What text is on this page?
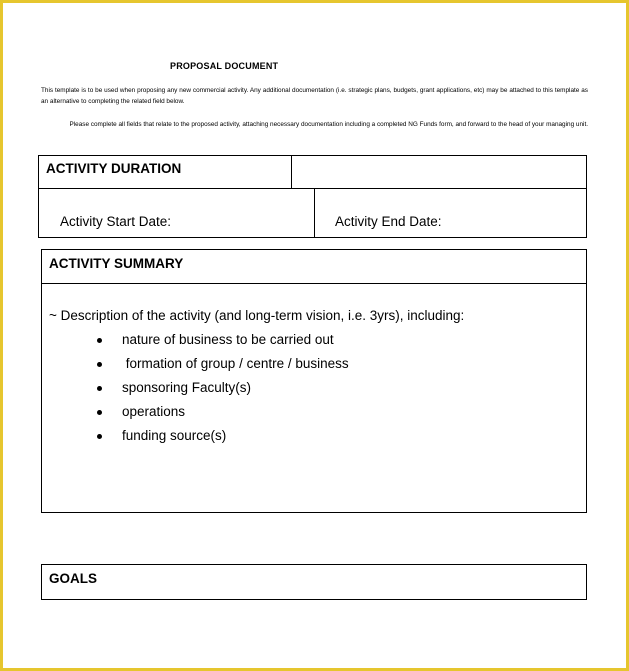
PROPOSAL DOCUMENT
This template is to be used when proposing any new commercial activity. Any additional documentation (i.e. strategic plans, budgets, grant applications, etc) may be attached to this template as an alternative to completing the related field below.
Please complete all fields that relate to the proposed activity, attaching necessary documentation including a completed NG Funds form, and forward to the head of your managing unit.
ACTIVITY DURATION
Activity Start Date:	Activity End Date:
ACTIVITY SUMMARY
~ Description of the activity (and long-term vision, i.e. 3yrs), including:
nature of business to be carried out
formation of group / centre / business
sponsoring Faculty(s)
operations
funding source(s)
GOALS
